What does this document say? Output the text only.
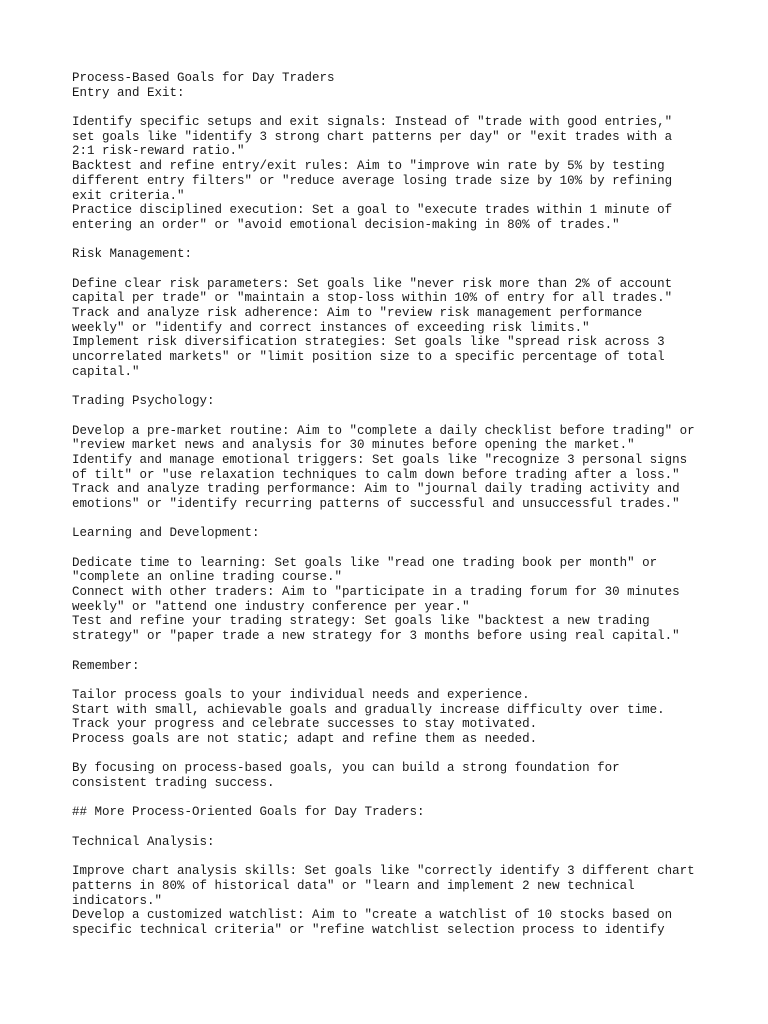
Process-Based Goals for Day Traders
Entry and Exit:
Identify specific setups and exit signals: Instead of "trade with good entries,"
set goals like "identify 3 strong chart patterns per day" or "exit trades with a
2:1 risk-reward ratio."
Backtest and refine entry/exit rules: Aim to "improve win rate by 5% by testing
different entry filters" or "reduce average losing trade size by 10% by refining
exit criteria."
Practice disciplined execution: Set a goal to "execute trades within 1 minute of
entering an order" or "avoid emotional decision-making in 80% of trades."
Risk Management:
Define clear risk parameters: Set goals like "never risk more than 2% of account
capital per trade" or "maintain a stop-loss within 10% of entry for all trades."
Track and analyze risk adherence: Aim to "review risk management performance
weekly" or "identify and correct instances of exceeding risk limits."
Implement risk diversification strategies: Set goals like "spread risk across 3
uncorrelated markets" or "limit position size to a specific percentage of total
capital."
Trading Psychology:
Develop a pre-market routine: Aim to "complete a daily checklist before trading" or
"review market news and analysis for 30 minutes before opening the market."
Identify and manage emotional triggers: Set goals like "recognize 3 personal signs
of tilt" or "use relaxation techniques to calm down before trading after a loss."
Track and analyze trading performance: Aim to "journal daily trading activity and
emotions" or "identify recurring patterns of successful and unsuccessful trades."
Learning and Development:
Dedicate time to learning: Set goals like "read one trading book per month" or
"complete an online trading course."
Connect with other traders: Aim to "participate in a trading forum for 30 minutes
weekly" or "attend one industry conference per year."
Test and refine your trading strategy: Set goals like "backtest a new trading
strategy" or "paper trade a new strategy for 3 months before using real capital."
Remember:
Tailor process goals to your individual needs and experience.
Start with small, achievable goals and gradually increase difficulty over time.
Track your progress and celebrate successes to stay motivated.
Process goals are not static; adapt and refine them as needed.
By focusing on process-based goals, you can build a strong foundation for
consistent trading success.
## More Process-Oriented Goals for Day Traders:
Technical Analysis:
Improve chart analysis skills: Set goals like "correctly identify 3 different chart
patterns in 80% of historical data" or "learn and implement 2 new technical
indicators."
Develop a customized watchlist: Aim to "create a watchlist of 10 stocks based on
specific technical criteria" or "refine watchlist selection process to identify
